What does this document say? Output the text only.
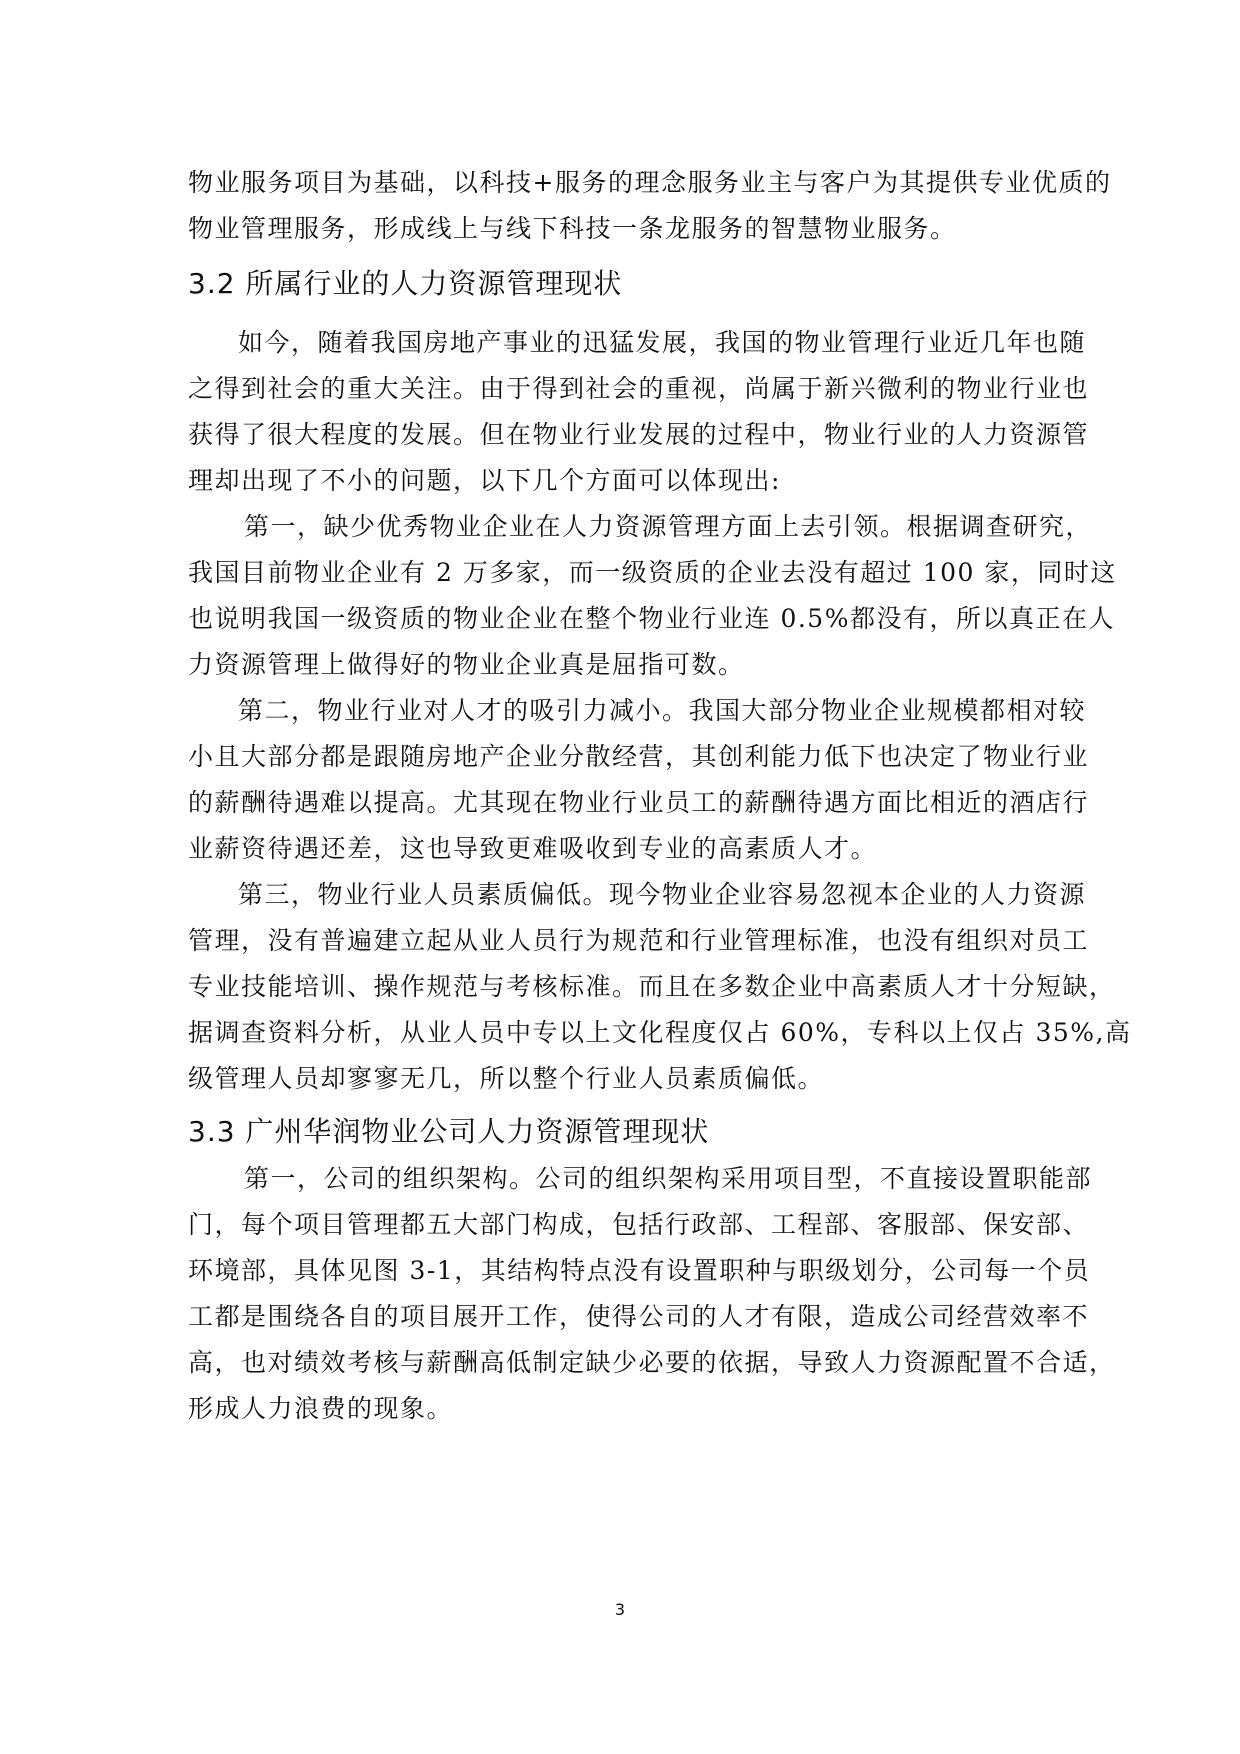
物业服务项目为基础，以科技+服务的理念服务业主与客户为其提供专业优质的
物业管理服务，形成线上与线下科技一条龙服务的智慧物业服务。
3.2 所属行业的人力资源管理现状
如今，随着我国房地产事业的迅猛发展，我国的物业管理行业近几年也随
之得到社会的重大关注。由于得到社会的重视，尚属于新兴微利的物业行业也
获得了很大程度的发展。但在物业行业发展的过程中，物业行业的人力资源管
理却出现了不小的问题，以下几个方面可以体现出:
第一，缺少优秀物业企业在人力资源管理方面上去引领。根据调查研究，
我国目前物业企业有 2 万多家，而一级资质的企业去没有超过 100 家，同时这
也说明我国一级资质的物业企业在整个物业行业连 0.5%都没有，所以真正在人
力资源管理上做得好的物业企业真是屈指可数。
第二，物业行业对人才的吸引力减小。我国大部分物业企业规模都相对较
小且大部分都是跟随房地产企业分散经营，其创利能力低下也决定了物业行业
的薪酬待遇难以提高。尤其现在物业行业员工的薪酬待遇方面比相近的酒店行
业薪资待遇还差，这也导致更难吸收到专业的高素质人才。
第三，物业行业人员素质偏低。现今物业企业容易忽视本企业的人力资源
管理，没有普遍建立起从业人员行为规范和行业管理标准，也没有组织对员工
专业技能培训、操作规范与考核标准。而且在多数企业中高素质人才十分短缺，
据调查资料分析，从业人员中专以上文化程度仅占 60%，专科以上仅占 35%,高
级管理人员却寥寥无几，所以整个行业人员素质偏低。
3.3 广州华润物业公司人力资源管理现状
第一，公司的组织架构。公司的组织架构采用项目型，不直接设置职能部
门，每个项目管理都五大部门构成，包括行政部、工程部、客服部、保安部、
环境部，具体见图 3-1，其结构特点没有设置职种与职级划分，公司每一个员
工都是围绕各自的项目展开工作，使得公司的人才有限，造成公司经营效率不
高，也对绩效考核与薪酬高低制定缺少必要的依据，导致人力资源配置不合适，
形成人力浪费的现象。
3
